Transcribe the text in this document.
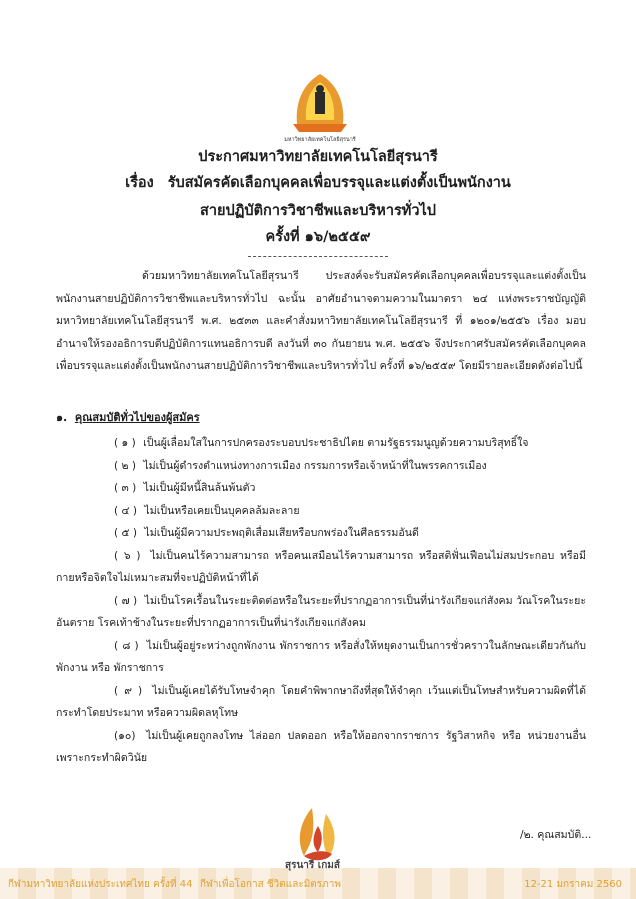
มหาวิทยาลัยเทคโนโลยีสุรนารี
ประกาศมหาวิทยาลัยเทคโนโลยีสุรนารี
เรื่อง รับสมัครคัดเลือกบุคคลเพื่อบรรจุและแต่งตั้งเป็นพนักงาน
สายปฏิบัติการวิชาชีพและบริหารทั่วไป
ครั้งที่ ๑๖/๒๕๕๙
ด้วยมหาวิทยาลัยเทคโนโลยีสุรนารี ประสงค์จะรับสมัครคัดเลือกบุคคลเพื่อบรรจุและแต่งตั้งเป็นพนักงานสายปฏิบัติการวิชาชีพและบริหารทั่วไป ฉะนั้น อาศัยอำนาจตามความในมาตรา ๒๔ แห่งพระราชบัญญัติมหาวิทยาลัยเทคโนโลยีสุรนารี พ.ศ. ๒๕๓๓ และคำสั่งมหาวิทยาลัยเทคโนโลยีสุรนารี ที่ ๑๒๐๑/๒๕๕๖ เรื่อง มอบอำนาจให้รองอธิการบดีปฏิบัติการแทนอธิการบดี ลงวันที่ ๓๐ กันยายน พ.ศ. ๒๕๕๖ จึงประกาศรับสมัครคัดเลือกบุคคลเพื่อบรรจุและแต่งตั้งเป็นพนักงานสายปฏิบัติการวิชาชีพและบริหารทั่วไป ครั้งที่ ๑๖/๒๕๕๙ โดยมีรายละเอียดดังต่อไปนี้
๑. คุณสมบัติทั่วไปของผู้สมัคร
( ๑ ) เป็นผู้เลื่อมใสในการปกครองระบอบประชาธิปไตย ตามรัฐธรรมนูญด้วยความบริสุทธิ์ใจ
( ๒ ) ไม่เป็นผู้ดำรงตำแหน่งทางการเมือง กรรมการหรือเจ้าหน้าที่ในพรรคการเมือง
( ๓ ) ไม่เป็นผู้มีหนี้สินล้นพ้นตัว
( ๔ ) ไม่เป็นหรือเคยเป็นบุคคลล้มละลาย
( ๕ ) ไม่เป็นผู้มีความประพฤติเสื่อมเสียหรือบกพร่องในศีลธรรมอันดี
( ๖ ) ไม่เป็นคนไร้ความสามารถ หรือคนเสมือนไร้ความสามารถ หรือสติฟั่นเฟือนไม่สมประกอบ หรือมีกายหรือจิตใจไม่เหมาะสมที่จะปฏิบัติหน้าที่ได้
( ๗ ) ไม่เป็นโรคเรื้อนในระยะติดต่อหรือในระยะที่ปรากฏอาการเป็นที่น่ารังเกียจแก่สังคม วัณโรคในระยะอันตราย โรคเท้าช้างในระยะที่ปรากฏอาการเป็นที่น่ารังเกียจแก่สังคม
( ๘ ) ไม่เป็นผู้อยู่ระหว่างถูกพักงาน พักราชการ หรือสั่งให้หยุดงานเป็นการชั่วคราวในลักษณะเดียวกันกับพักงาน หรือ พักราชการ
( ๙ ) ไม่เป็นผู้เคยได้รับโทษจำคุก โดยคำพิพากษาถึงที่สุดให้จำคุก เว้นแต่เป็นโทษสำหรับความผิดที่ได้กระทำโดยประมาท หรือความผิดลหุโทษ
(๑๐) ไม่เป็นผู้เคยถูกลงโทษ ไล่ออก ปลดออก หรือให้ออกจากราชการ รัฐวิสาหกิจ หรือ หน่วยงานอื่นเพราะกระทำผิดวินัย
/๒. คุณสมบัติ...
สุรนารี เกมส์
กีฬามหาวิทยาลัยแห่งประเทศไทย ครั้งที่ 44 กีฬาเพื่อโอกาส ชีวิตและมิตรภาพ	12-21 มกราคม 2560
